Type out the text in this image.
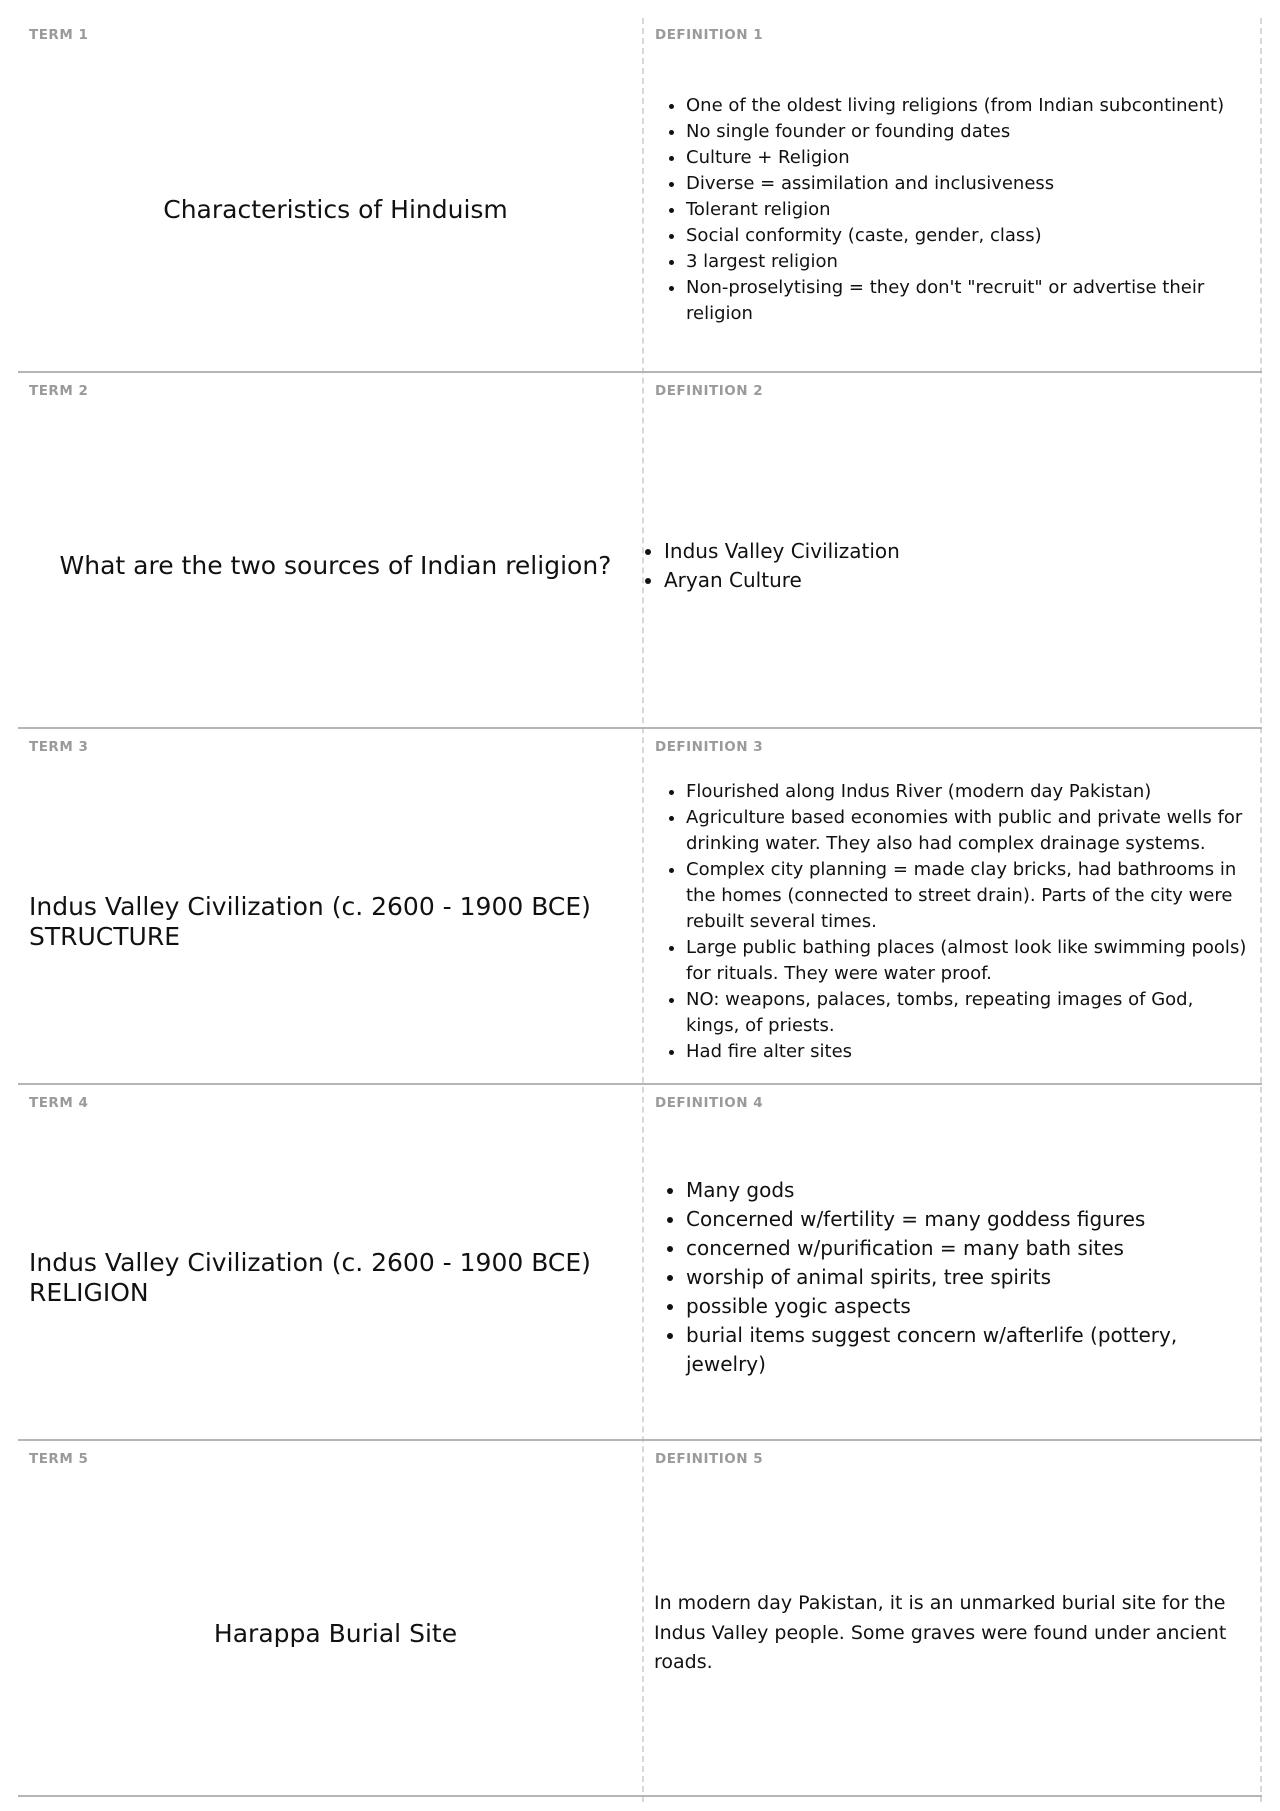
TERM 1
Characteristics of Hinduism
DEFINITION 1
• One of the oldest living religions (from Indian subcontinent)
• No single founder or founding dates
• Culture + Religion
• Diverse = assimilation and inclusiveness
• Tolerant religion
• Social conformity (caste, gender, class)
• 3 largest religion
• Non-proselytising = they don't "recruit" or advertise their religion
TERM 2
What are the two sources of Indian religion?
DEFINITION 2
• Indus Valley Civilization
• Aryan Culture
TERM 3
Indus Valley Civilization (c. 2600 - 1900 BCE)
STRUCTURE
DEFINITION 3
• Flourished along Indus River (modern day Pakistan)
• Agriculture based economies with public and private wells for drinking water. They also had complex drainage systems.
• Complex city planning = made clay bricks, had bathrooms in the homes (connected to street drain). Parts of the city were rebuilt several times.
• Large public bathing places (almost look like swimming pools) for rituals. They were water proof.
• NO: weapons, palaces, tombs, repeating images of God, kings, of priests.
• Had fire alter sites
TERM 4
Indus Valley Civilization (c. 2600 - 1900 BCE)
RELIGION
DEFINITION 4
• Many gods
• Concerned w/fertility = many goddess figures
• concerned w/purification = many bath sites
• worship of animal spirits, tree spirits
• possible yogic aspects
• burial items suggest concern w/afterlife (pottery, jewelry)
TERM 5
Harappa Burial Site
DEFINITION 5

In modern day Pakistan, it is an unmarked burial site for the Indus Valley people. Some graves were found under ancient roads.
